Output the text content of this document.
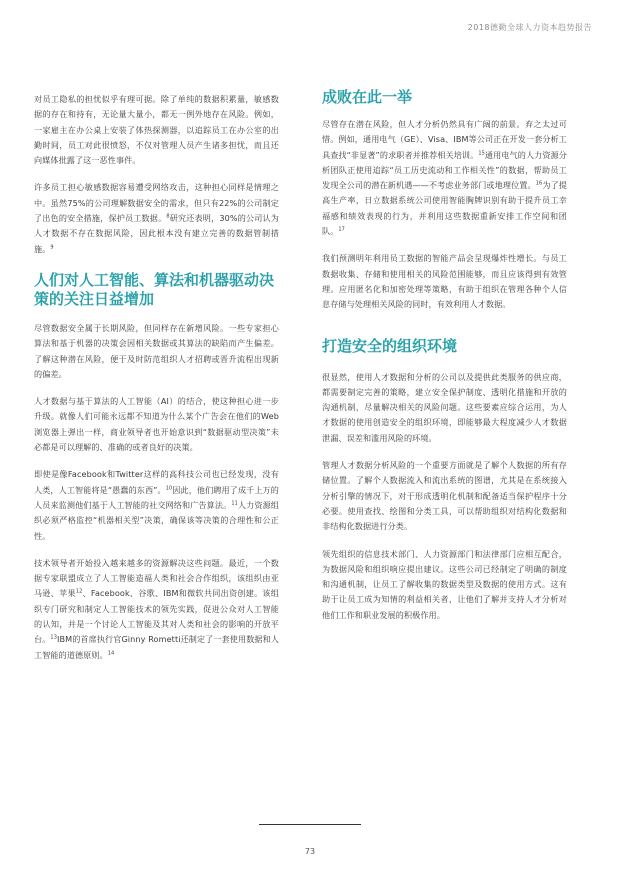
2018德勤全球人力资本趋势报告

对员工隐私的担忧似乎有理可据。除了单纯的数据积累量，敏感数据的存在和持有，无论量大量小，都无一例外地存在风险。例如，一家雇主在办公桌上安装了体热探测器，以追踪员工在办公室的出勤时间，员工对此很愤怒，不仅对管理人员产生诸多担忧，而且还向媒体批露了这一恶性事件。

许多员工担心敏感数据容易遭受网络攻击，这种担心同样是情理之中。虽然75%的公司理解数据安全的需求，但只有22%的公司制定了出色的安全措施，保护员工数据。$^8$研究还表明，30%的公司认为人才数据不存在数据风险，因此根本没有建立完善的数据管制措施。$^9$

人们对人工智能、算法和机器驱动决策的关注日益增加

尽管数据安全属于长期风险，但同样存在新增风险。一些专家担心算法和基于机器的决策会因相关数据或其算法的缺陷而产生偏差。了解这种潜在风险，便于及时防范组织人才招聘或晋升流程出现新的偏差。

人才数据与基于算法的人工智能（AI）的结合，使这种担心进一步升级。就像人们可能永远都不知道为什么某个广告会在他们的Web浏览器上弹出一样，商业领导者也开始意识到“数据驱动型决策”未必都是可以理解的、准确的或者良好的决策。

即使是像Facebook和Twitter这样的高科技公司也已经发现，没有人类，人工智能将是“愚蠢的东西”。$^{10}$因此，他们聘用了成千上万的人员来监测他们基于人工智能的社交网络和广告算法。$^{11}$人力资源组织必须严格监控“机器相关型”决策，确保该等决策的合理性和公正性。

技术领导者开始投入越来越多的资源解决这些问题。最近，一个数据专家联盟成立了人工智能造福人类和社会合作组织，该组织由亚马逊、苹果$^{12}$、Facebook、谷歌、IBM和微软共同出资创建。该组织专门研究和制定人工智能技术的领先实践，促进公众对人工智能的认知，并是一个讨论人工智能及其对人类和社会的影响的开放平台。$^{13}$IBM的首席执行官Ginny Rometti还制定了一套使用数据和人工智能的道德原则。$^{14}$

成败在此一举

尽管存在潜在风险，但人才分析仍然具有广阔的前景。弃之太过可惜。例如，通用电气（GE）、Visa、IBM等公司正在开发一套分析工具查找“非显著”的求职者并推荐相关培训。$^{15}$通用电气的人力资源分析团队正使用追踪“员工历史流动和工作相关性”的数据，帮助员工发现全公司的潜在新机遇——不考虑业务部门或地理位置。$^{16}$为了提高生产率，日立数据系统公司使用智能胸牌识别有助于提升员工幸福感和绩效表现的行为，并利用这些数据重新安排工作空间和团队。$^{17}$

我们预测明年利用员工数据的智能产品会呈现爆炸性增长。与员工数据收集、存储和使用相关的风险范围能够，而且应该得到有效管理。应用匿名化和加密处理等策略，有助于组织在管理各种个人信息存储与处理相关风险的同时，有效利用人才数据。

打造安全的组织环境

很显然，使用人才数据和分析的公司以及提供此类服务的供应商，都需要制定完善的策略，建立安全保护制度、透明化措施和开放的沟通机制，尽量解决相关的风险问题。这些要素应综合运用，为人才数据的使用创造安全的组织环境，即能够最大程度减少人才数据泄漏、误差和滥用风险的环境。

管理人才数据分析风险的一个重要方面就是了解个人数据的所有存储位置。了解个人数据流入和流出系统的图谱，尤其是在系统接入分析引擎的情况下，对于形成透明化机制和配备适当保护程序十分必要。使用查找、绘图和分类工具，可以帮助组织对结构化数据和非结构化数据进行分类。

领先组织的信息技术部门、人力资源部门和法律部门应相互配合，为数据风险和组织响应提出建议。这些公司已经制定了明确的制度和沟通机制，让员工了解收集的数据类型及数据的使用方式。这有助于让员工成为知情的利益相关者，让他们了解并支持人才分析对他们工作和职业发展的积极作用。

73
